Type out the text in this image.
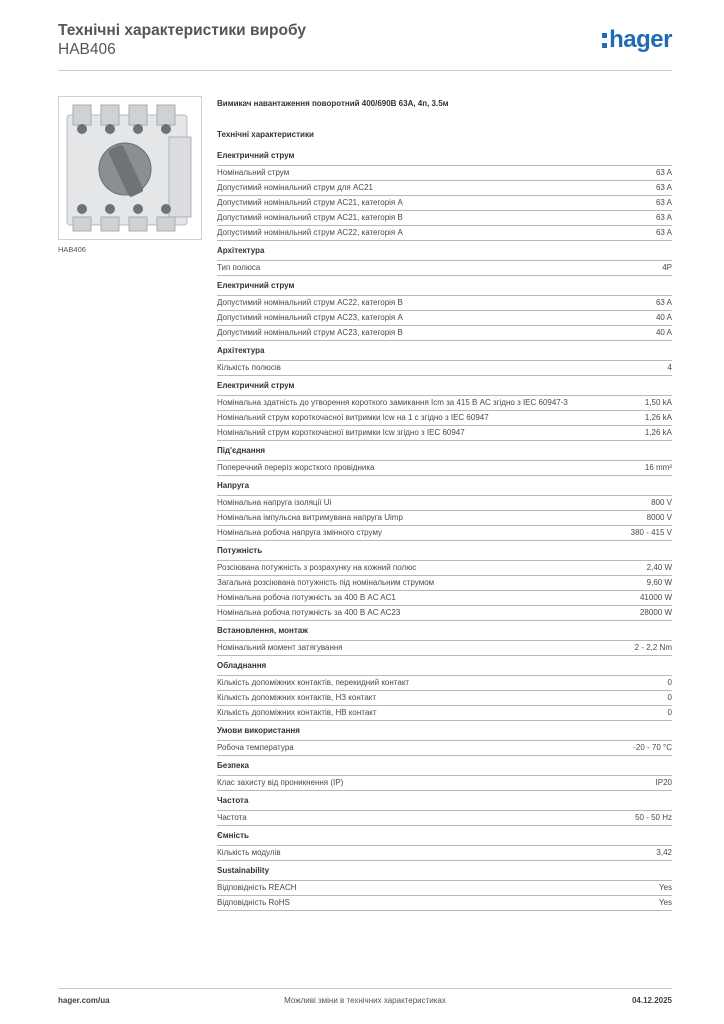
Технічні характеристики виробу
HAB406	hager
HAB406
Вимикач навантаження поворотний 400/690В 63А, 4п, 3.5м
Технічні характеристики
Електричний струм
Номінальний струм	63 A
Допустимий номінальний струм для AC21	63 A
Допустимий номінальний струм AC21, категорія A	63 A
Допустимий номінальний струм AC21, категорія B	63 A
Допустимий номінальний струм AC22, категорія A	63 A
Архітектура
Тип полюса	4P
Електричний струм
Допустимий номінальний струм AC22, категорія B	63 A
Допустимий номінальний струм AC23, категорія A	40 A
Допустимий номінальний струм AC23, категорія B	40 A
Архітектура
Кількість полюсів	4
Електричний струм
Номінальна здатність до утворення короткого замикання Icm за 415 В AC згідно з IEC 60947-3	1,50 kA
Номінальний струм короткочасної витримки Icw на 1 с згідно з IEC 60947	1,26 kA
Номінальний струм короткочасної витримки Icw згідно з IEC 60947	1,26 kA
Під'єднання
Поперечний переріз жорсткого провідника	16 mm²
Напруга
Номінальна напруга ізоляції Ui	800 V
Номінальна імпульсна витримувана напруга Uimp	8000 V
Номінальна робоча напруга змінного струму	380 - 415 V
Потужність
Розсіювана потужність з розрахунку на кожний полюс	2,40 W
Загальна розсіювана потужність під номінальним струмом	9,60 W
Номінальна робоча потужність за 400 В AC AC1	41000 W
Номінальна робоча потужність за 400 В AC AC23	28000 W
Встановлення, монтаж
Номінальний момент затягування	2 - 2,2 Nm
Обладнання
Кількість допоміжних контактів, перекидний контакт	0
Кількість допоміжних контактів, НЗ контакт	0
Кількість допоміжних контактів, НВ контакт	0
Умови використання
Робоча температура	-20 - 70 °C
Безпека
Клас захисту від проникнення (IP)	IP20
Частота
Частота	50 - 50 Hz
Ємність
Кількість модулів	3,42
Sustainability
Відповідність REACH	Yes
Відповідність RoHS	Yes
Можливі зміни в технічних характеристиках
hager.com/ua	04.12.2025
